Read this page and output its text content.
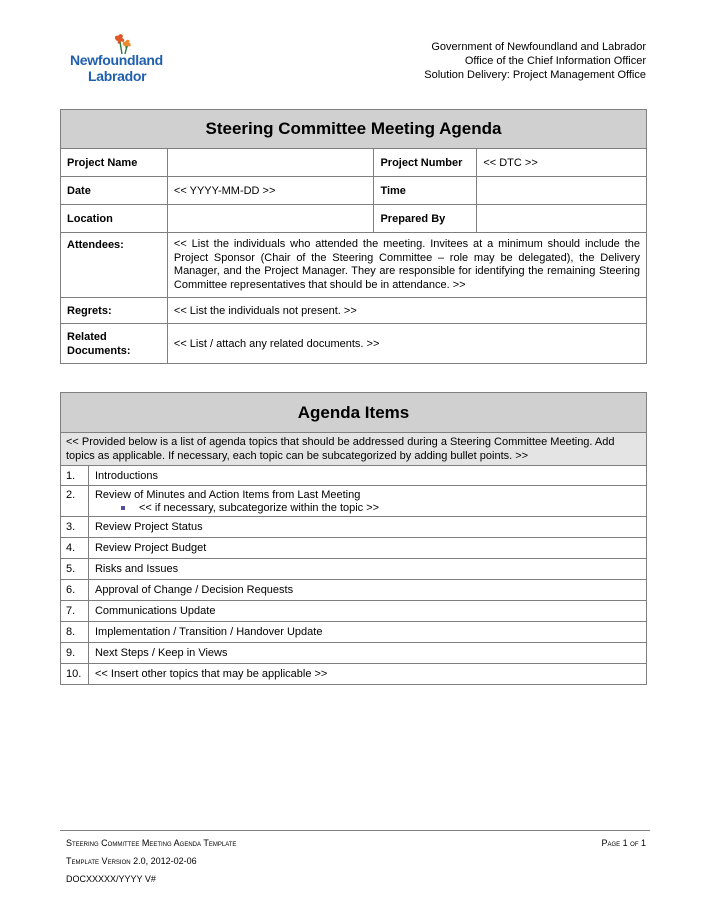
Newfoundland
Labrador
Government of Newfoundland and Labrador
Office of the Chief Information Officer
Solution Delivery: Project Management Office
Steering Committee Meeting Agenda			
Project Name		Project Number	<< DTC >>
Date	<< YYYY-MM-DD >>	Time	
Location		Prepared By	
Attendees:	<< List the individuals who attended the meeting. Invitees at a minimum should include the Project Sponsor (Chair of the Steering Committee – role may be delegated), the Delivery Manager, and the Project Manager. They are responsible for identifying the remaining Steering Committee representatives that should be in attendance. >>		
Regrets:	<< List the individuals not present. >>		

Related
Documents:	<< List / attach any related documents. >>		
Agenda Items	
<< Provided below is a list of agenda topics that should be addressed during a Steering Committee Meeting. Add topics as applicable. If necessary, each topic can be subcategorized by adding bullet points. >>	
1.	Introductions
2.	Review of Minutes and Action Items from Last Meeting
<< if necessary, subcategorize within the topic >>

3.	Review Project Status
4.	Review Project Budget
5.	Risks and Issues
6.	Approval of Change / Decision Requests
7.	Communications Update
8.	Implementation / Transition / Handover Update
9.	Next Steps / Keep in Views
10.	<< Insert other topics that may be applicable >>
Steering Committee Meeting Agenda Template	Page 1 of 1
Template Version 2.0, 2012-02-06
DOCXXXXX/YYYY V#
